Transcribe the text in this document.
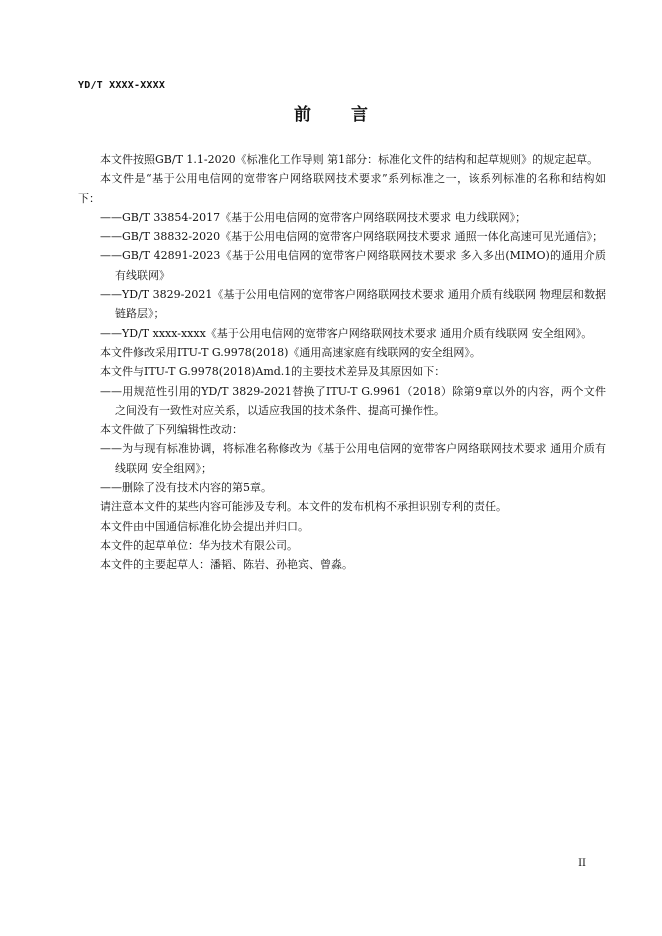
YD/T XXXX-XXXX
前 言

本文件按照GB/T 1.1-2020《标准化工作导则 第1部分：标准化文件的结构和起草规则》的规定起草。

本文件是“基于公用电信网的宽带客户网络联网技术要求”系列标准之一，该系列标准的名称和结构如下：

——GB/T 33854-2017《基于公用电信网的宽带客户网络联网技术要求 电力线联网》；

——GB/T 38832-2020《基于公用电信网的宽带客户网络联网技术要求 通照一体化高速可见光通信》；

——GB/T 42891-2023《基于公用电信网的宽带客户网络联网技术要求 多入多出(MIMO)的通用介质有线联网》

——YD/T 3829-2021《基于公用电信网的宽带客户网络联网技术要求 通用介质有线联网 物理层和数据链路层》；

——YD/T xxxx-xxxx《基于公用电信网的宽带客户网络联网技术要求 通用介质有线联网 安全组网》。

本文件修改采用ITU-T G.9978(2018)《通用高速家庭有线联网的安全组网》。

本文件与ITU-T G.9978(2018)Amd.1的主要技术差异及其原因如下：

——用规范性引用的YD/T 3829-2021替换了ITU-T G.9961（2018）除第9章以外的内容，两个文件之间没有一致性对应关系，以适应我国的技术条件、提高可操作性。

本文件做了下列编辑性改动：

——为与现有标准协调，将标准名称修改为《基于公用电信网的宽带客户网络联网技术要求 通用介质有线联网 安全组网》；

——删除了没有技术内容的第5章。

请注意本文件的某些内容可能涉及专利。本文件的发布机构不承担识别专利的责任。

本文件由中国通信标准化协会提出并归口。

本文件的起草单位：华为技术有限公司。

本文件的主要起草人：潘韬、陈岩、孙艳宾、曾淼。

II
